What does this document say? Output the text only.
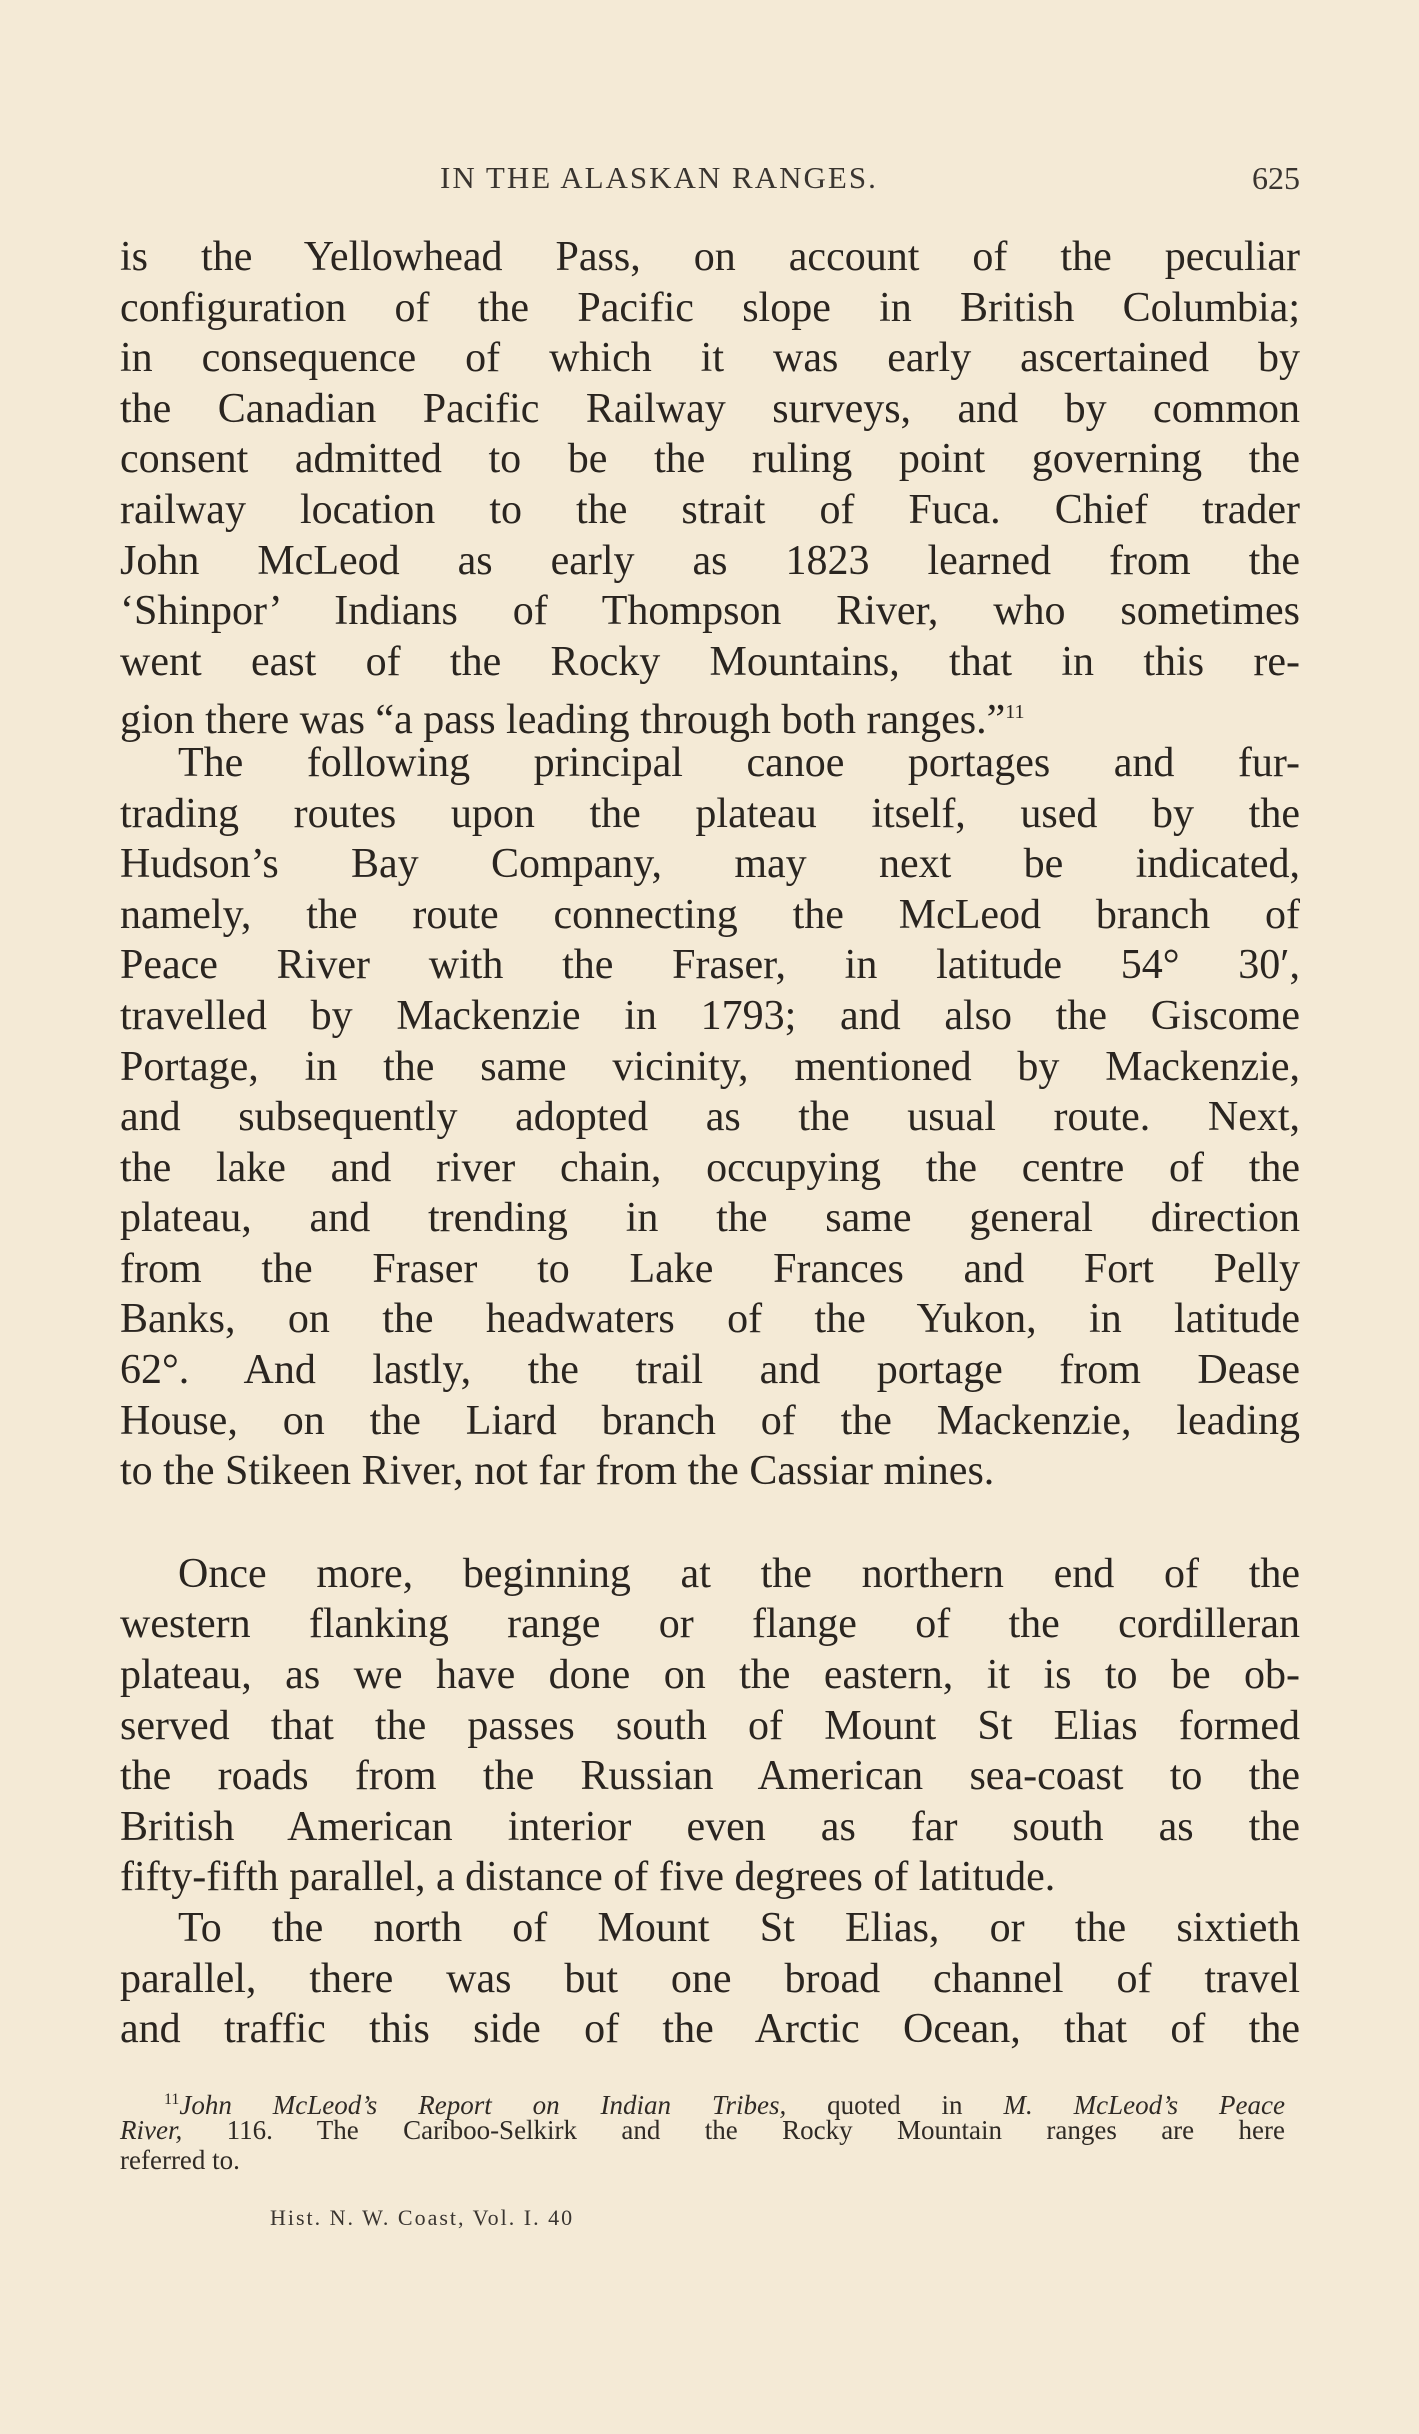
IN THE ALASKAN RANGES.	625
is the Yellowhead Pass, on account of the peculiar
configuration of the Pacific slope in British Columbia;
in consequence of which it was early ascertained by
the Canadian Pacific Railway surveys, and by common
consent admitted to be the ruling point governing the
railway location to the strait of Fuca. Chief trader
John McLeod as early as 1823 learned from the
‘Shinpor’ Indians of Thompson River, who sometimes
went east of the Rocky Mountains, that in this re-
gion there was “a pass leading through both ranges.”$^{11}$
The following principal canoe portages and fur-
trading routes upon the plateau itself, used by the
Hudson’s Bay Company, may next be indicated,
namely, the route connecting the McLeod branch of
Peace River with the Fraser, in latitude 54° 30′,
travelled by Mackenzie in 1793; and also the Giscome
Portage, in the same vicinity, mentioned by Mackenzie,
and subsequently adopted as the usual route. Next,
the lake and river chain, occupying the centre of the
plateau, and trending in the same general direction
from the Fraser to Lake Frances and Fort Pelly
Banks, on the headwaters of the Yukon, in latitude
62°. And lastly, the trail and portage from Dease
House, on the Liard branch of the Mackenzie, leading
to the Stikeen River, not far from the Cassiar mines.
Once more, beginning at the northern end of the
western flanking range or flange of the cordilleran
plateau, as we have done on the eastern, it is to be ob-
served that the passes south of Mount St Elias formed
the roads from the Russian American sea-coast to the
British American interior even as far south as the
fifty-fifth parallel, a distance of five degrees of latitude.
To the north of Mount St Elias, or the sixtieth
parallel, there was but one broad channel of travel
and traffic this side of the Arctic Ocean, that of the
$^{11}$John McLeod’s Report on Indian Tribes, quoted in M. McLeod’s Peace
River, 116. The Cariboo-Selkirk and the Rocky Mountain ranges are here
referred to.
Hist. N. W. Coast, Vol. I. 40
